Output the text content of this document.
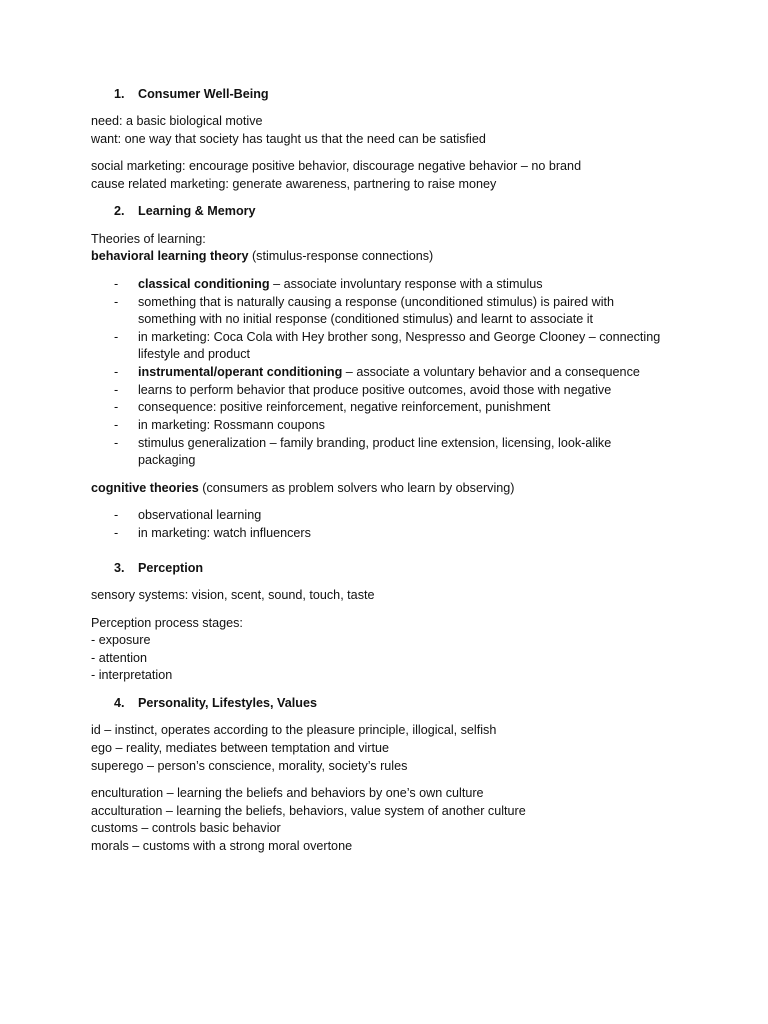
1. Consumer Well-Being
need: a basic biological motive
want: one way that society has taught us that the need can be satisfied
social marketing: encourage positive behavior, discourage negative behavior – no brand
cause related marketing: generate awareness, partnering to raise money
2. Learning & Memory
Theories of learning:
behavioral learning theory (stimulus-response connections)
- classical conditioning – associate involuntary response with a stimulus
- something that is naturally causing a response (unconditioned stimulus) is paired with
something with no initial response (conditioned stimulus) and learnt to associate it
- in marketing: Coca Cola with Hey brother song, Nespresso and George Clooney – connecting
lifestyle and product
- instrumental/operant conditioning – associate a voluntary behavior and a consequence
- learns to perform behavior that produce positive outcomes, avoid those with negative
- consequence: positive reinforcement, negative reinforcement, punishment
- in marketing: Rossmann coupons
- stimulus generalization – family branding, product line extension, licensing, look-alike
packaging
cognitive theories (consumers as problem solvers who learn by observing)
- observational learning
- in marketing: watch influencers
3. Perception
sensory systems: vision, scent, sound, touch, taste
Perception process stages:
- exposure
- attention
- interpretation
4. Personality, Lifestyles, Values
id – instinct, operates according to the pleasure principle, illogical, selfish
ego – reality, mediates between temptation and virtue
superego – person’s conscience, morality, society’s rules
enculturation – learning the beliefs and behaviors by one’s own culture
acculturation – learning the beliefs, behaviors, value system of another culture
customs – controls basic behavior
morals – customs with a strong moral overtone
